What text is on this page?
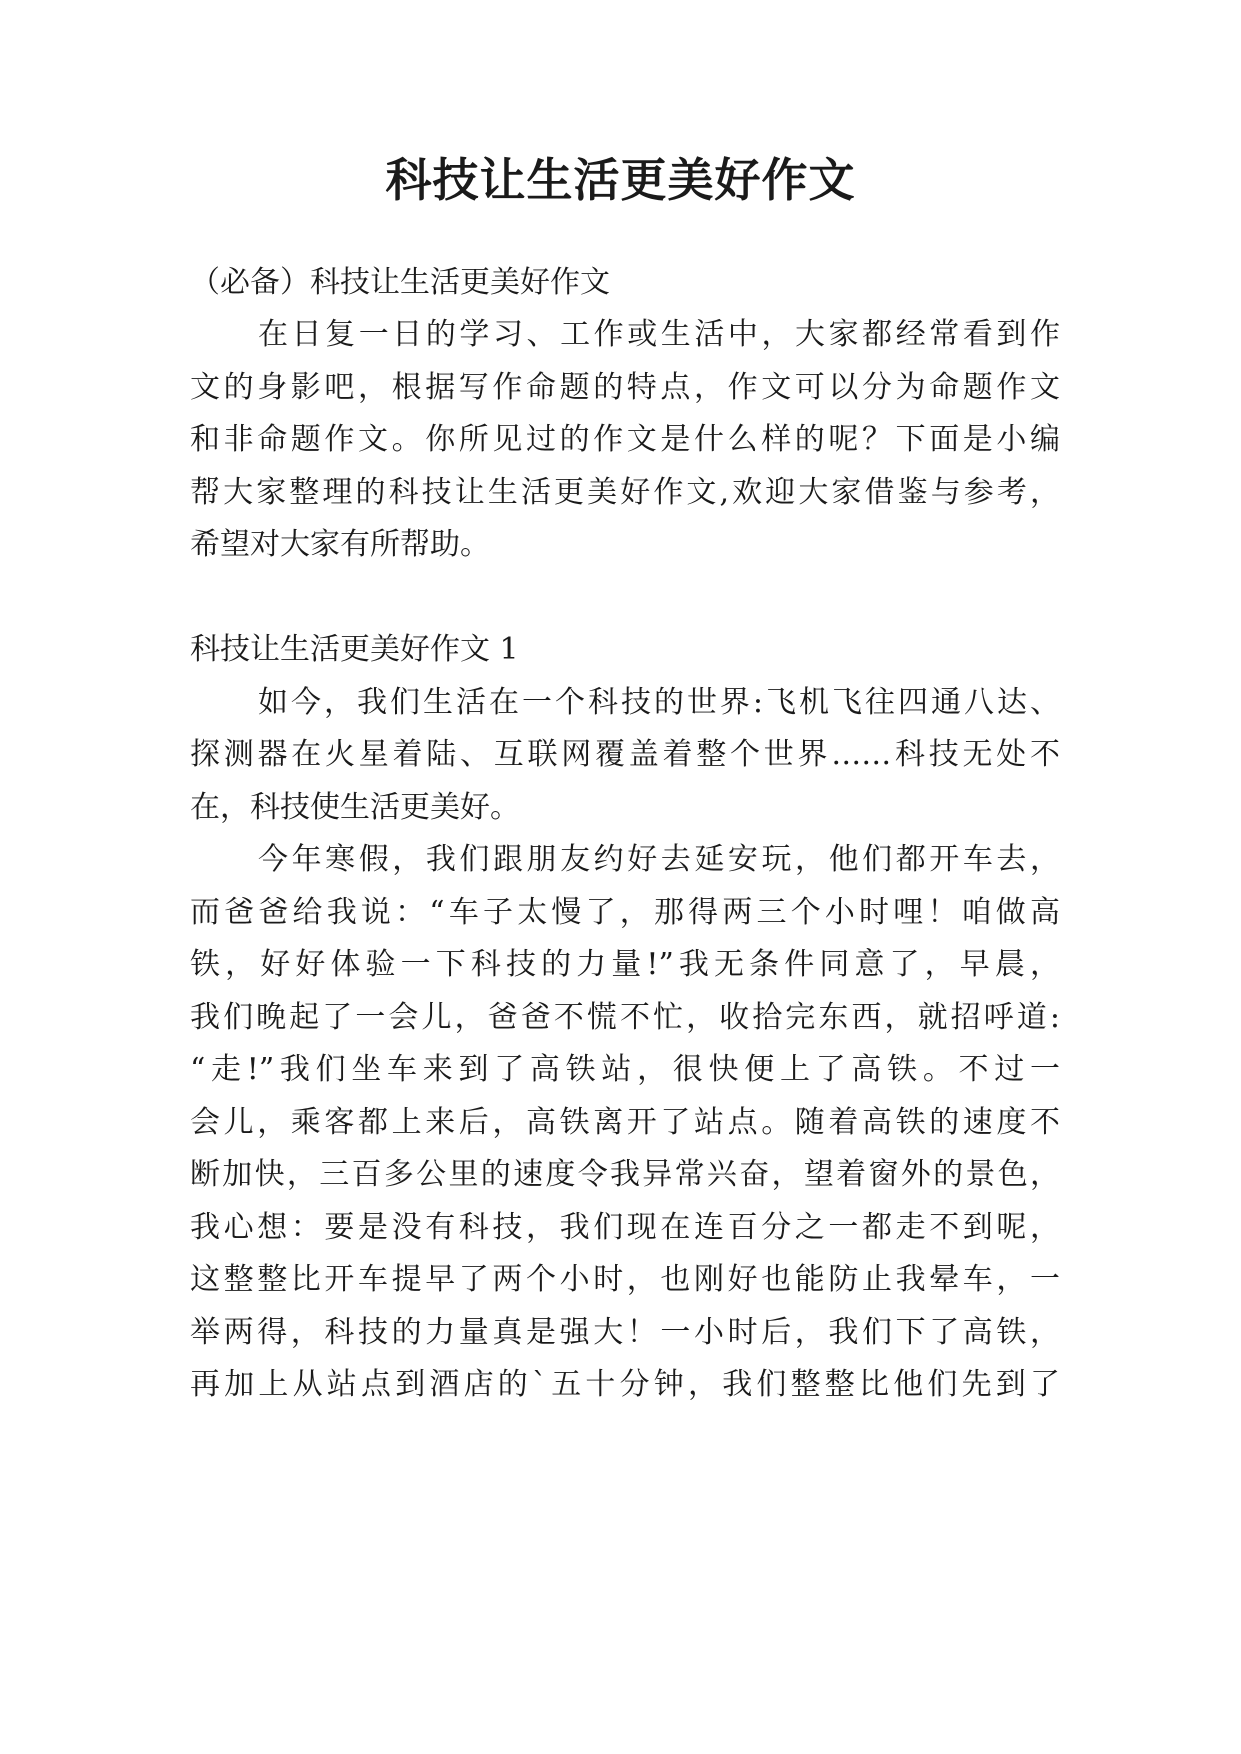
科技让生活更美好作文
（必备）科技让生活更美好作文
在日复一日的学习、工作或生活中，大家都经常看到作
文的身影吧，根据写作命题的特点，作文可以分为命题作文
和非命题作文。你所见过的作文是什么样的呢？下面是小编
帮大家整理的科技让生活更美好作文,欢迎大家借鉴与参考，
希望对大家有所帮助。
科技让生活更美好作文 1
如今，我们生活在一个科技的世界:飞机飞往四通八达、
探测器在火星着陆、互联网覆盖着整个世界……科技无处不
在，科技使生活更美好。
今年寒假，我们跟朋友约好去延安玩，他们都开车去，
而爸爸给我说：“车子太慢了，那得两三个小时哩！咱做高
铁，好好体验一下科技的力量!”我无条件同意了，早晨，
我们晚起了一会儿，爸爸不慌不忙，收拾完东西，就招呼道:
“走!”我们坐车来到了高铁站，很快便上了高铁。不过一
会儿，乘客都上来后，高铁离开了站点。随着高铁的速度不
断加快，三百多公里的速度令我异常兴奋，望着窗外的景色，
我心想：要是没有科技，我们现在连百分之一都走不到呢，
这整整比开车提早了两个小时，也刚好也能防止我晕车，一
举两得，科技的力量真是强大！一小时后，我们下了高铁，
再加上从站点到酒店的`五十分钟，我们整整比他们先到了
